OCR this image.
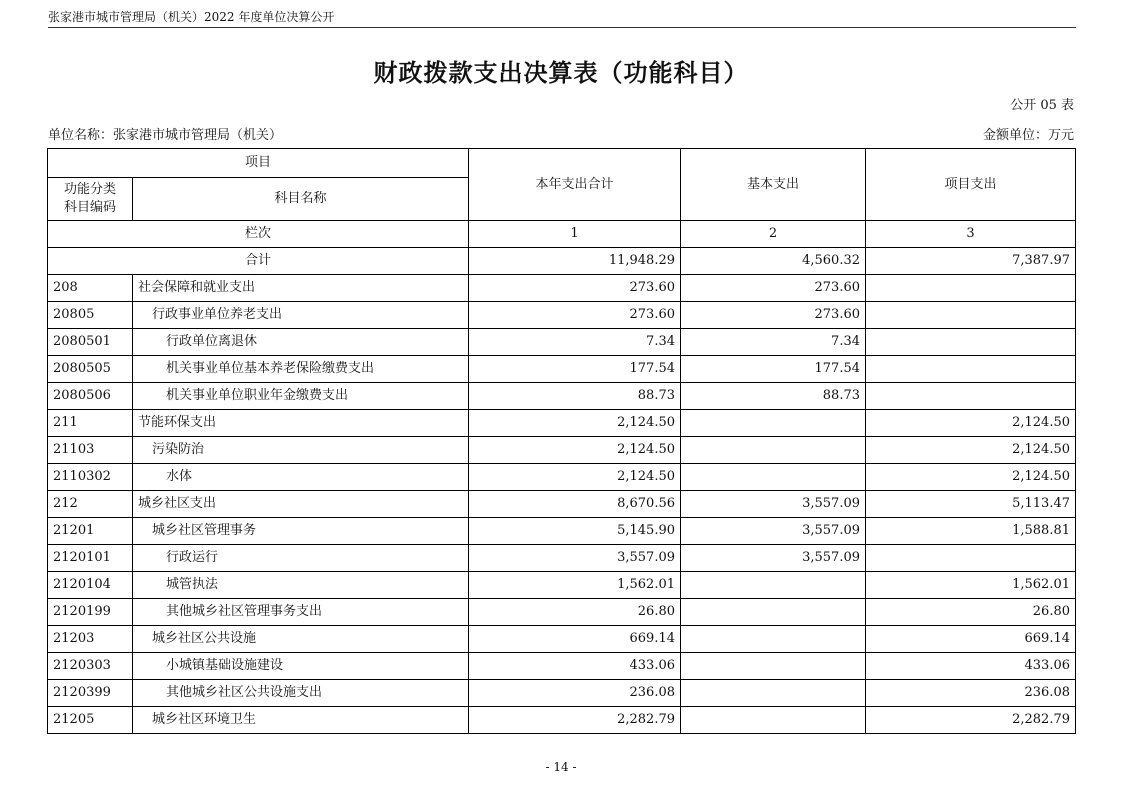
张家港市城市管理局（机关）2022 年度单位决算公开
财政拨款支出决算表（功能科目）
公开 05 表
单位名称：张家港市城市管理局（机关）	金额单位：万元
项目		本年支出合计	基本支出	项目支出
功能分类
科目编码	科目名称			
栏次		1	2	3
合计		11,948.29	4,560.32	7,387.97
208	社会保障和就业支出	273.60	273.60	
20805	行政事业单位养老支出	273.60	273.60	
2080501	行政单位离退休	7.34	7.34	
2080505	机关事业单位基本养老保险缴费支出	177.54	177.54	
2080506	机关事业单位职业年金缴费支出	88.73	88.73	
211	节能环保支出	2,124.50		2,124.50
21103	污染防治	2,124.50		2,124.50
2110302	水体	2,124.50		2,124.50
212	城乡社区支出	8,670.56	3,557.09	5,113.47
21201	城乡社区管理事务	5,145.90	3,557.09	1,588.81
2120101	行政运行	3,557.09	3,557.09	
2120104	城管执法	1,562.01		1,562.01
2120199	其他城乡社区管理事务支出	26.80		26.80
21203	城乡社区公共设施	669.14		669.14
2120303	小城镇基础设施建设	433.06		433.06
2120399	其他城乡社区公共设施支出	236.08		236.08
21205	城乡社区环境卫生	2,282.79		2,282.79
- 14 -
